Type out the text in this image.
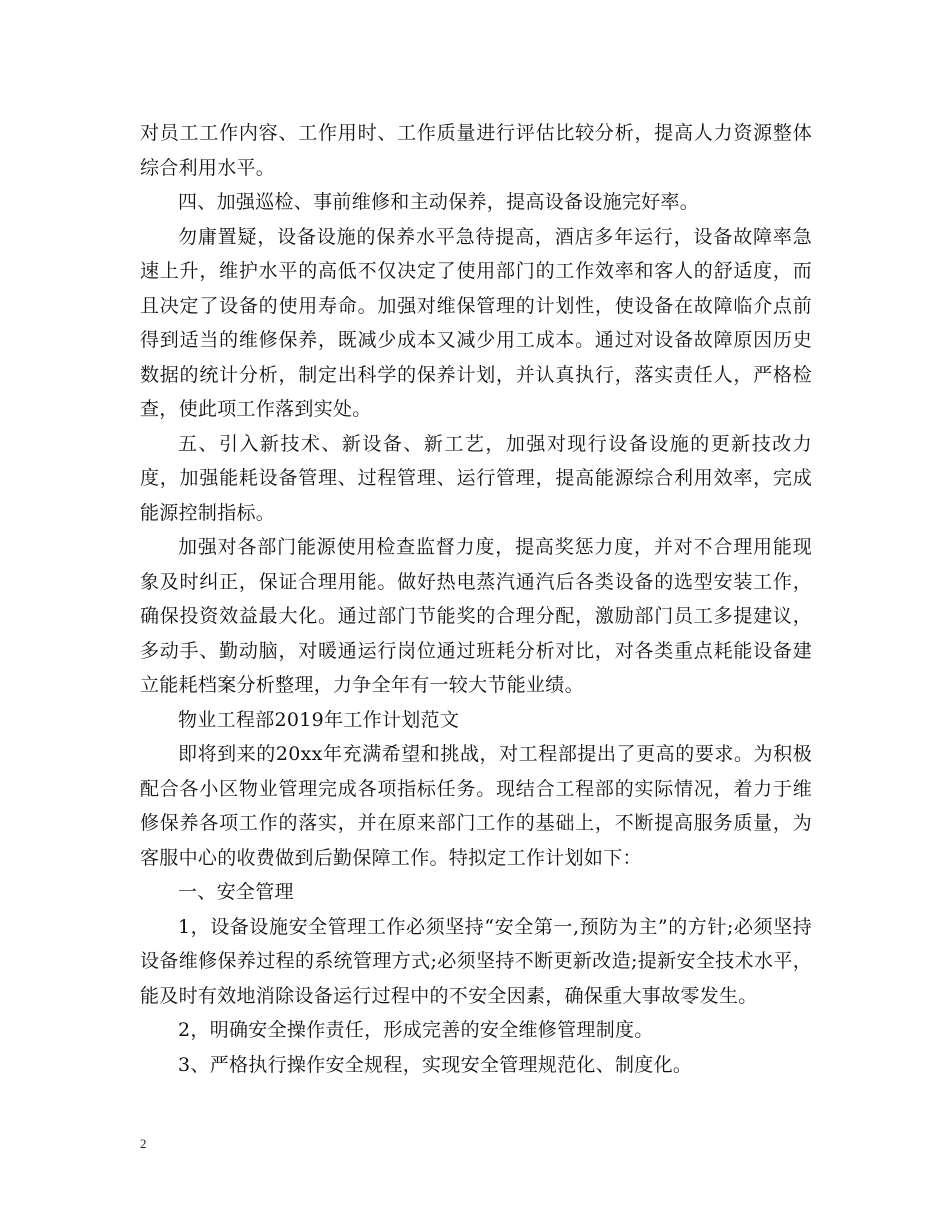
对员工工作内容、工作用时、工作质量进行评估比较分析，提高人力资源整体综合利用水平。

四、加强巡检、事前维修和主动保养，提高设备设施完好率。

勿庸置疑，设备设施的保养水平急待提高，酒店多年运行，设备故障率急速上升，维护水平的高低不仅决定了使用部门的工作效率和客人的舒适度，而且决定了设备的使用寿命。加强对维保管理的计划性，使设备在故障临介点前得到适当的维修保养，既减少成本又减少用工成本。通过对设备故障原因历史数据的统计分析，制定出科学的保养计划，并认真执行，落实责任人，严格检查，使此项工作落到实处。

五、引入新技术、新设备、新工艺，加强对现行设备设施的更新技改力度，加强能耗设备管理、过程管理、运行管理，提高能源综合利用效率，完成能源控制指标。

加强对各部门能源使用检查监督力度，提高奖惩力度，并对不合理用能现象及时纠正，保证合理用能。做好热电蒸汽通汽后各类设备的选型安装工作，确保投资效益最大化。通过部门节能奖的合理分配，激励部门员工多提建议，多动手、勤动脑，对暖通运行岗位通过班耗分析对比，对各类重点耗能设备建立能耗档案分析整理，力争全年有一较大节能业绩。

物业工程部2019年工作计划范文

即将到来的20xx年充满希望和挑战，对工程部提出了更高的要求。为积极配合各小区物业管理完成各项指标任务。现结合工程部的实际情况，着力于维修保养各项工作的落实，并在原来部门工作的基础上，不断提高服务质量，为客服中心的收费做到后勤保障工作。特拟定工作计划如下：

一、安全管理

1，设备设施安全管理工作必须坚持“安全第一,预防为主”的方针;必须坚持设备维修保养过程的系统管理方式;必须坚持不断更新改造;提新安全技术水平，能及时有效地消除设备运行过程中的不安全因素，确保重大事故零发生。

2，明确安全操作责任，形成完善的安全维修管理制度。

3、严格执行操作安全规程，实现安全管理规范化、制度化。

2
